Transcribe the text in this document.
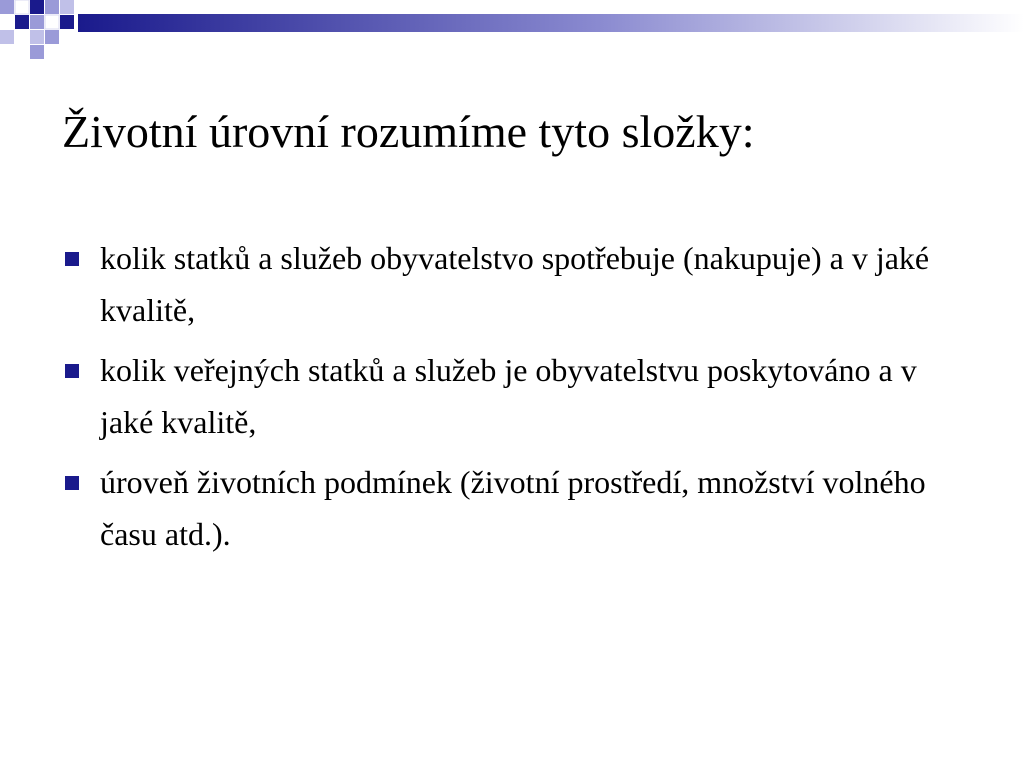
Životní úrovní rozumíme tyto složky:
kolik statků a služeb obyvatelstvo spotřebuje (nakupuje) a v jaké kvalitě,
kolik veřejných statků a služeb je obyvatelstvu poskytováno a v jaké kvalitě,
úroveň životních podmínek (životní prostředí, množství volného času atd.).
